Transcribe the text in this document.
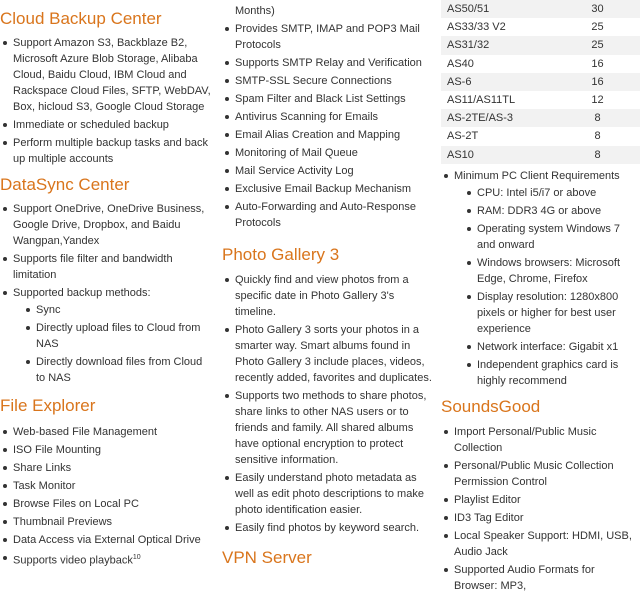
Cloud Backup Center
Support Amazon S3, Backblaze B2, Microsoft Azure Blob Storage, Alibaba Cloud, Baidu Cloud, IBM Cloud and Rackspace Cloud Files, SFTP, WebDAV, Box, hicloud S3, Google Cloud Storage
Immediate or scheduled backup
Perform multiple backup tasks and back up multiple accounts
DataSync Center
Support OneDrive, OneDrive Business, Google Drive, Dropbox, and Baidu Wangpan,Yandex
Supports file filter and bandwidth limitation
Supported backup methods:
Sync
Directly upload files to Cloud from NAS
Directly download files from Cloud to NAS
File Explorer
Web-based File Management
ISO File Mounting
Share Links
Task Monitor
Browse Files on Local PC
Thumbnail Previews
Data Access via External Optical Drive
Supports video playback$^{10}$
Months)
Provides SMTP, IMAP and POP3 Mail Protocols
Supports SMTP Relay and Verification
SMTP-SSL Secure Connections
Spam Filter and Black List Settings
Antivirus Scanning for Emails
Email Alias Creation and Mapping
Monitoring of Mail Queue
Mail Service Activity Log
Exclusive Email Backup Mechanism
Auto-Forwarding and Auto-Response Protocols
Photo Gallery 3
Quickly find and view photos from a specific date in Photo Gallery 3's timeline.
Photo Gallery 3 sorts your photos in a smarter way. Smart albums found in Photo Gallery 3 include places, videos, recently added, favorites and duplicates.
Supports two methods to share photos, share links to other NAS users or to friends and family. All shared albums have optional encryption to protect sensitive information.
Easily understand photo metadata as well as edit photo descriptions to make photo identification easier.
Easily find photos by keyword search.
VPN Server
AS50/51	30
AS33/33 V2	25
AS31/32	25
AS40	16
AS-6	16
AS11/AS11TL	12
AS-2TE/AS-3	8
AS-2T	8
AS10	8
Minimum PC Client Requirements
CPU: Intel i5/i7 or above
RAM: DDR3 4G or above
Operating system Windows 7 and onward
Windows browsers: Microsoft Edge, Chrome, Firefox
Display resolution: 1280x800 pixels or higher for best user experience
Network interface: Gigabit x1
Independent graphics card is highly recommend
SoundsGood
Import Personal/Public Music Collection
Personal/Public Music Collection Permission Control
Playlist Editor
ID3 Tag Editor
Local Speaker Support: HDMI, USB, Audio Jack
Supported Audio Formats for Browser: MP3,
